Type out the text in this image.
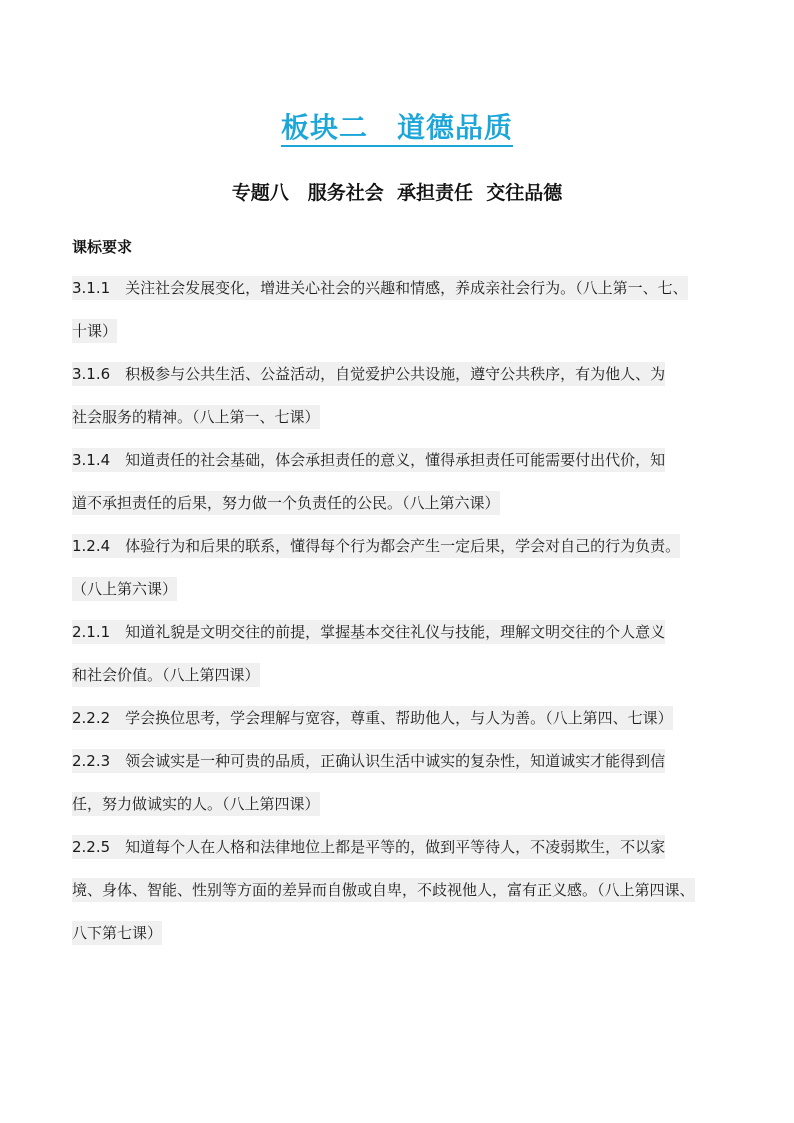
板块二　道德品质
专题八　服务社会  承担责任  交往品德
课标要求
3.1.1　关注社会发展变化，增进关心社会的兴趣和情感，养成亲社会行为。（八上第一、七、
十课）
3.1.6　积极参与公共生活、公益活动，自觉爱护公共设施，遵守公共秩序，有为他人、为
社会服务的精神。（八上第一、七课）
3.1.4　知道责任的社会基础，体会承担责任的意义，懂得承担责任可能需要付出代价，知
道不承担责任的后果，努力做一个负责任的公民。（八上第六课）
1.2.4　体验行为和后果的联系，懂得每个行为都会产生一定后果，学会对自己的行为负责。
（八上第六课）
2.1.1　知道礼貌是文明交往的前提，掌握基本交往礼仪与技能，理解文明交往的个人意义
和社会价值。（八上第四课）
2.2.2　学会换位思考，学会理解与宽容，尊重、帮助他人，与人为善。（八上第四、七课）
2.2.3　领会诚实是一种可贵的品质，正确认识生活中诚实的复杂性，知道诚实才能得到信
任，努力做诚实的人。（八上第四课）
2.2.5　知道每个人在人格和法律地位上都是平等的，做到平等待人，不凌弱欺生，不以家
境、身体、智能、性别等方面的差异而自傲或自卑，不歧视他人，富有正义感。（八上第四课、
八下第七课）
